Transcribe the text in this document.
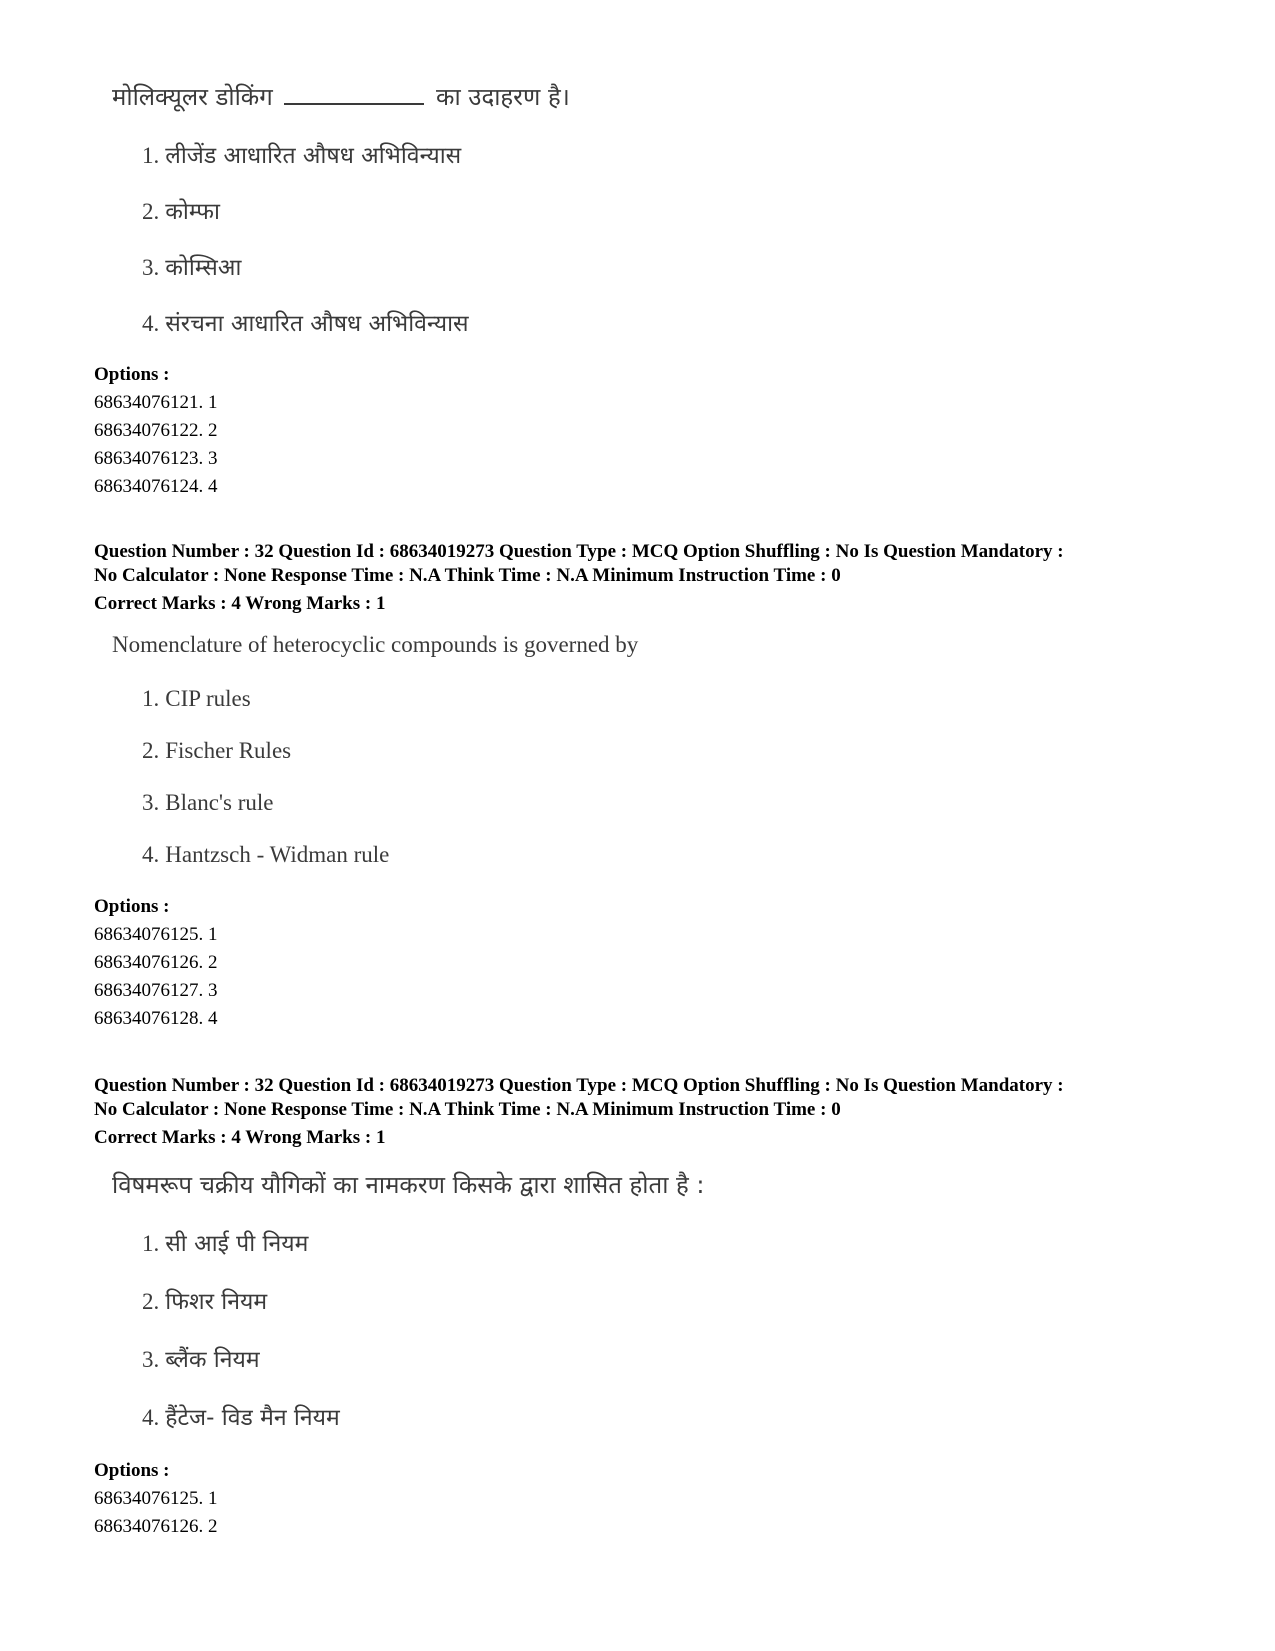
मोलिक्यूलर डोकिंग	का उदाहरण है।
1. लीजेंड आधारित औषध अभिविन्यास
2. कोम्फा
3. कोम्सिआ
4. संरचना आधारित औषध अभिविन्यास
Options :
68634076121. 1
68634076122. 2
68634076123. 3
68634076124. 4
Question Number : 32 Question Id : 68634019273 Question Type : MCQ Option Shuffling : No Is Question Mandatory :
No Calculator : None Response Time : N.A Think Time : N.A Minimum Instruction Time : 0
Correct Marks : 4 Wrong Marks : 1
Nomenclature of heterocyclic compounds is governed by
1. CIP rules
2. Fischer Rules
3. Blanc's rule
4. Hantzsch - Widman rule
Options :
68634076125. 1
68634076126. 2
68634076127. 3
68634076128. 4
Question Number : 32 Question Id : 68634019273 Question Type : MCQ Option Shuffling : No Is Question Mandatory :
No Calculator : None Response Time : N.A Think Time : N.A Minimum Instruction Time : 0
Correct Marks : 4 Wrong Marks : 1
विषमरूप चक्रीय यौगिकों का नामकरण किसके द्वारा शासित होता है :
1. सी आई पी नियम
2. फिशर नियम
3. ब्लैंक नियम
4. हैंटेज- विड मैन नियम
Options :
68634076125. 1
68634076126. 2
